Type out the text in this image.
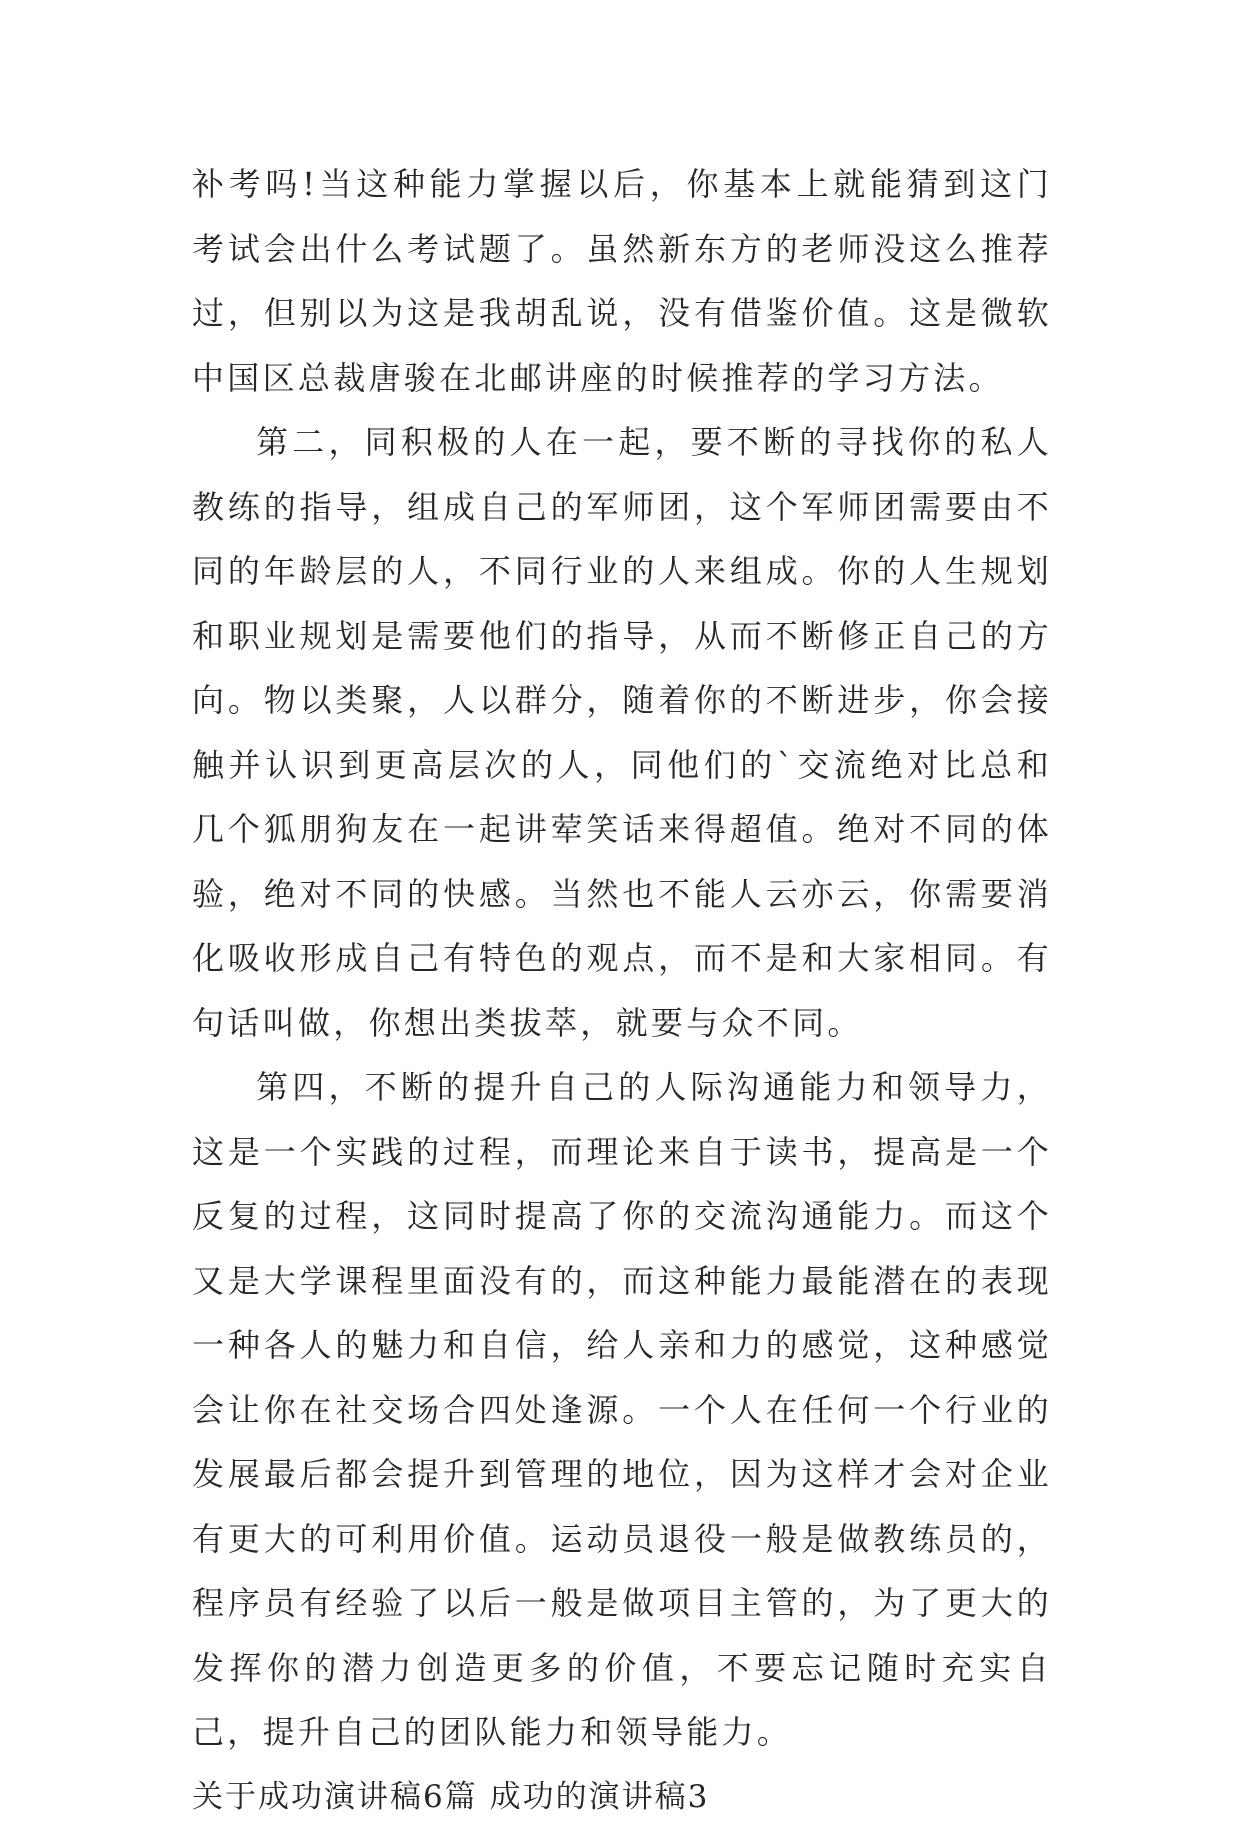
补考吗!当这种能力掌握以后，你基本上就能猜到这门考试会出什么考试题了。虽然新东方的老师没这么推荐过，但别以为这是我胡乱说，没有借鉴价值。这是微软中国区总裁唐骏在北邮讲座的时候推荐的学习方法。

第二，同积极的人在一起，要不断的寻找你的私人教练的指导，组成自己的军师团，这个军师团需要由不同的年龄层的人，不同行业的人来组成。你的人生规划和职业规划是需要他们的指导，从而不断修正自己的方向。物以类聚，人以群分，随着你的不断进步，你会接触并认识到更高层次的人，同他们的`交流绝对比总和几个狐朋狗友在一起讲荤笑话来得超值。绝对不同的体验，绝对不同的快感。当然也不能人云亦云，你需要消化吸收形成自己有特色的观点，而不是和大家相同。有句话叫做，你想出类拔萃，就要与众不同。

第四，不断的提升自己的人际沟通能力和领导力，这是一个实践的过程，而理论来自于读书，提高是一个反复的过程，这同时提高了你的交流沟通能力。而这个又是大学课程里面没有的，而这种能力最能潜在的表现一种各人的魅力和自信，给人亲和力的感觉，这种感觉会让你在社交场合四处逢源。一个人在任何一个行业的发展最后都会提升到管理的地位，因为这样才会对企业有更大的可利用价值。运动员退役一般是做教练员的，程序员有经验了以后一般是做项目主管的，为了更大的发挥你的潜力创造更多的价值，不要忘记随时充实自己，提升自己的团队能力和领导能力。

关于成功演讲稿6篇 成功的演讲稿3
